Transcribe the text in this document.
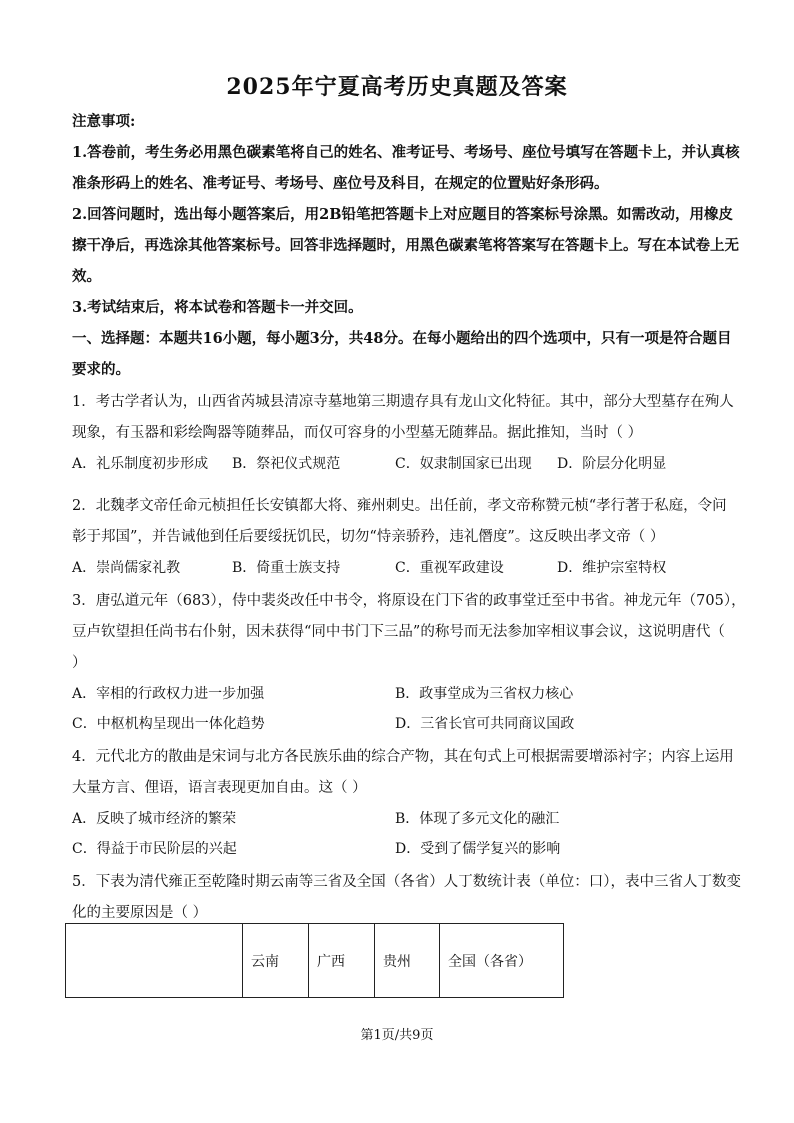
2025年宁夏高考历史真题及答案
注意事项:
1.答卷前，考生务必用黑色碳素笔将自己的姓名、准考证号、考场号、座位号填写在答题卡上，并认真核
准条形码上的姓名、准考证号、考场号、座位号及科目，在规定的位置贴好条形码。
2.回答问题时，选出每小题答案后，用2B铅笔把答题卡上对应题目的答案标号涂黑。如需改动，用橡皮
擦干净后，再选涂其他答案标号。回答非选择题时，用黑色碳素笔将答案写在答题卡上。写在本试卷上无
效。
3.考试结束后，将本试卷和答题卡一并交回。
一、选择题：本题共16小题，每小题3分，共48分。在每小题给出的四个选项中，只有一项是符合题目
要求的。
1．考古学者认为，山西省芮城县清凉寺墓地第三期遗存具有龙山文化特征。其中，部分大型墓存在殉人
现象，有玉器和彩绘陶器等随葬品，而仅可容身的小型墓无随葬品。据此推知，当时（ ）
A．礼乐制度初步形成 B．祭祀仪式规范	C．奴隶制国家已出现 D．阶层分化明显
2．北魏孝文帝任命元桢担任长安镇都大将、雍州刺史。出任前，孝文帝称赞元桢“孝行著于私庭，令问
彰于邦国”，并告诫他到任后要绥抚饥民，切勿“恃亲骄矜，违礼僭度”。这反映出孝文帝（ ）
A．崇尚儒家礼教	B．倚重士族支持	C．重视军政建设	D．维护宗室特权
3．唐弘道元年（683），侍中裴炎改任中书令，将原设在门下省的政事堂迁至中书省。神龙元年（705），
豆卢钦望担任尚书右仆射，因未获得“同中书门下三品”的称号而无法参加宰相议事会议，这说明唐代（
）
A．宰相的行政权力进一步加强	B．政事堂成为三省权力核心
C．中枢机构呈现出一体化趋势	D．三省长官可共同商议国政
4．元代北方的散曲是宋词与北方各民族乐曲的综合产物，其在句式上可根据需要增添衬字；内容上运用
大量方言、俚语，语言表现更加自由。这（ ）
A．反映了城市经济的繁荣	B．体现了多元文化的融汇
C．得益于市民阶层的兴起	D．受到了儒学复兴的影响
5．下表为清代雍正至乾隆时期云南等三省及全国（各省）人丁数统计表（单位：口），表中三省人丁数变
化的主要原因是（ ）
	云南	广西	贵州	全国（各省）
第1页/共9页
